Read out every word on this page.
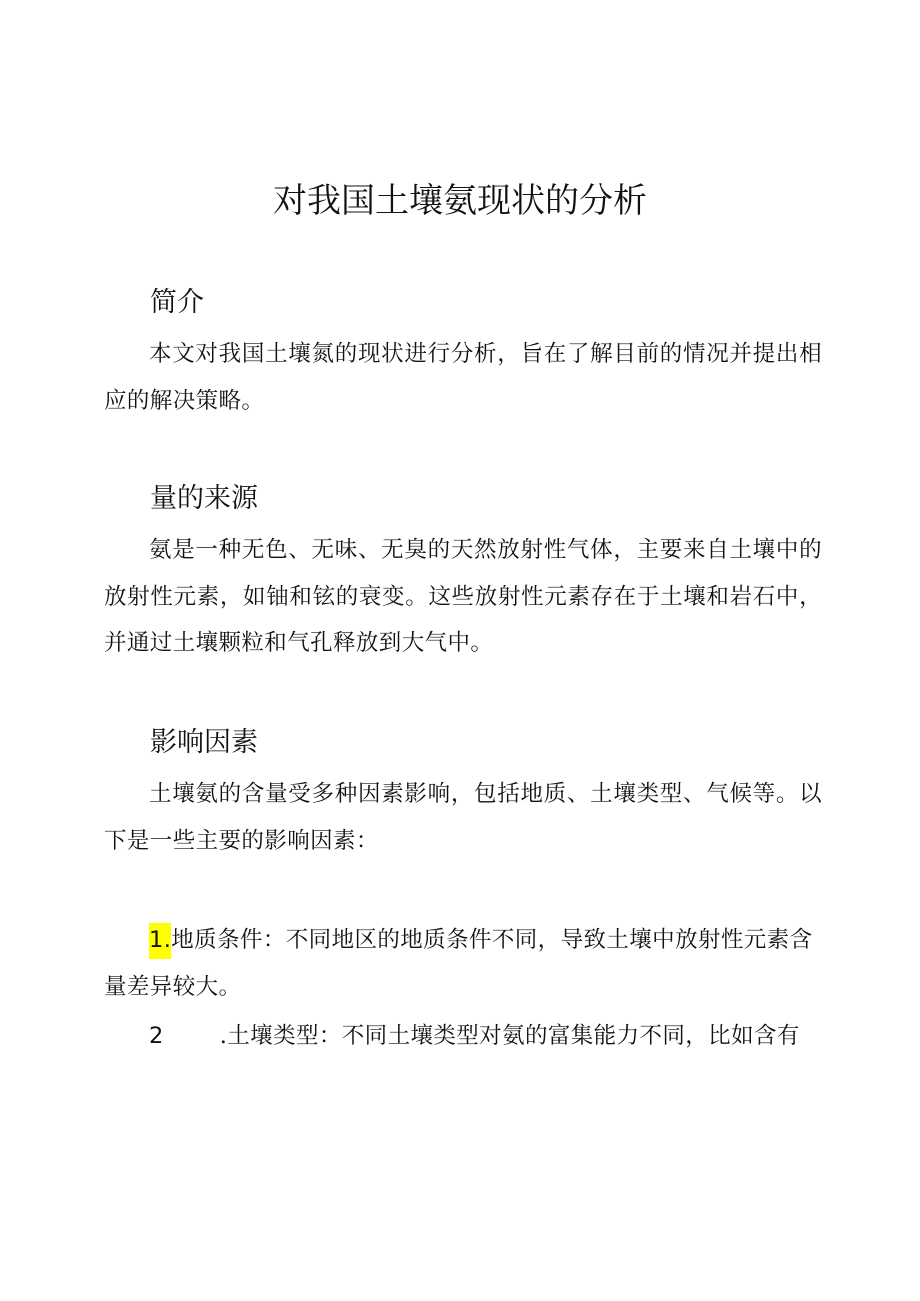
对我国土壤氨现状的分析
简介

本文对我国土壤氮的现状进行分析，旨在了解目前的情况并提出相应的解决策略。

量的来源

氨是一种无色、无味、无臭的天然放射性气体，主要来自土壤中的放射性元素，如铀和铉的衰变。这些放射性元素存在于土壤和岩石中，并通过土壤颗粒和气孔释放到大气中。

影响因素

土壤氨的含量受多种因素影响，包括地质、土壤类型、气候等。以下是一些主要的影响因素：

1.地质条件：不同地区的地质条件不同，导致土壤中放射性元素含量差异较大。

2 .土壤类型：不同土壤类型对氨的富集能力不同，比如含有
